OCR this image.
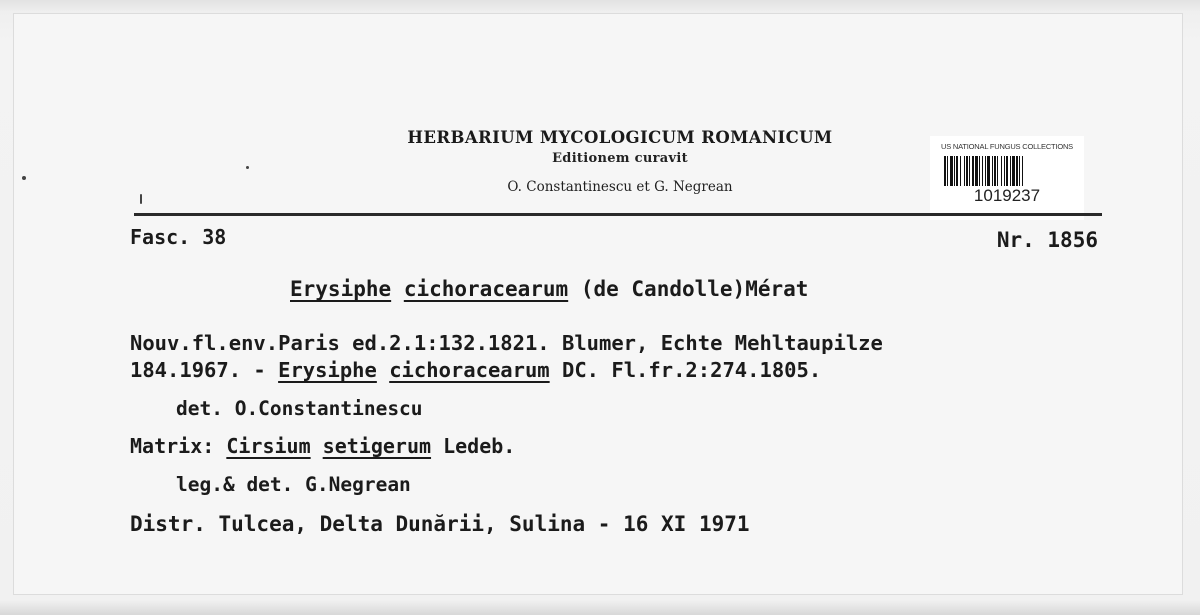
HERBARIUM MYCOLOGICUM ROMANICUM
Editionem curavit
O. Constantinescu et G. Negrean
US NATIONAL FUNGUS COLLECTIONS
1019237
Fasc. 38	Nr. 1856
Erysiphe cichoracearum (de Candolle)Mérat
Nouv.fl.env.Paris ed.2.1:132.1821. Blumer, Echte Mehltaupilze
184.1967. - Erysiphe cichoracearum DC. Fl.fr.2:274.1805.
det. O.Constantinescu
Matrix: Cirsium setigerum Ledeb.
leg.& det. G.Negrean
Distr. Tulcea, Delta Dunării, Sulina - 16 XI 1971
